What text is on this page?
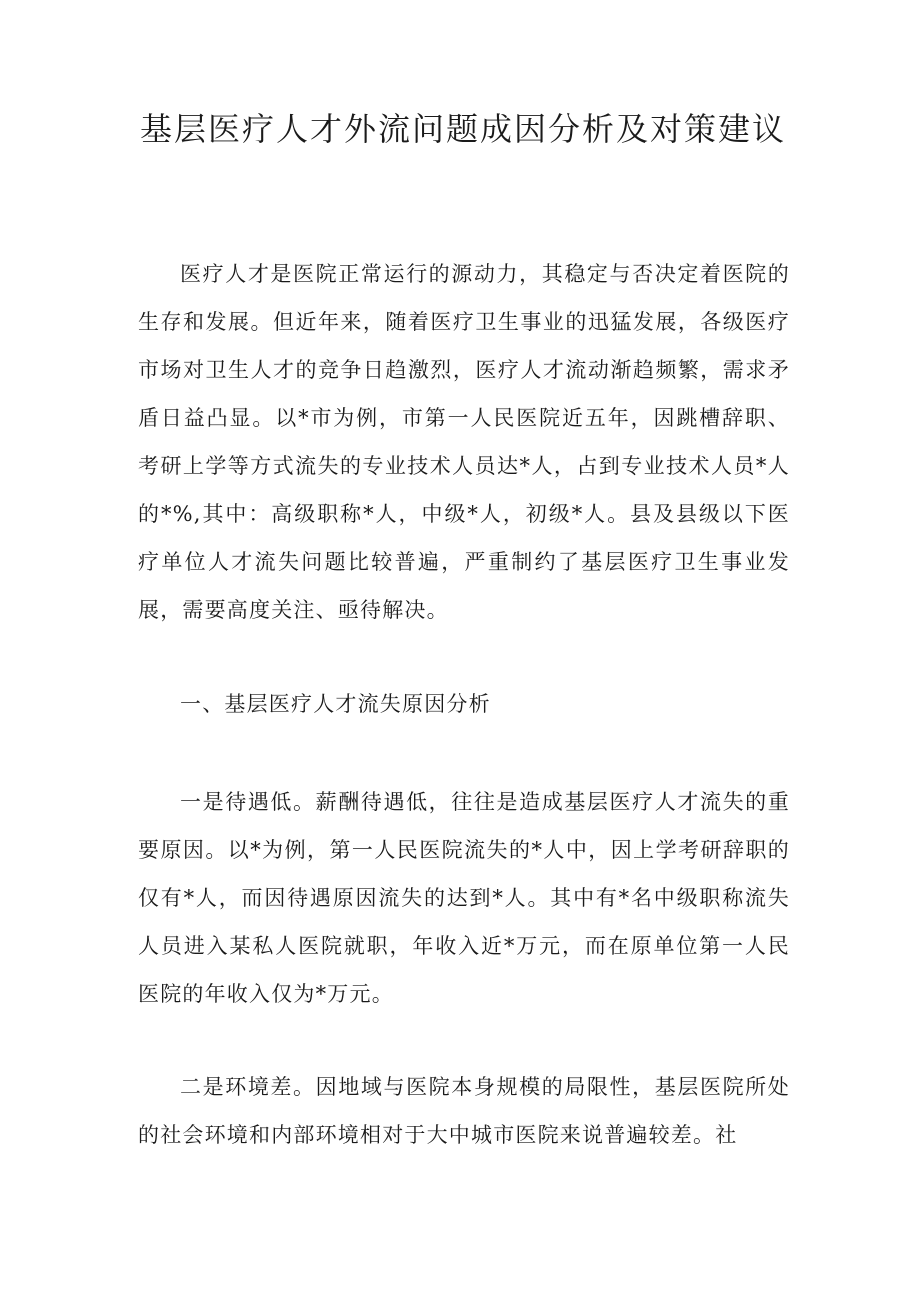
基层医疗人才外流问题成因分析及对策建议

医疗人才是医院正常运行的源动力，其稳定与否决定着医院的生存和发展。但近年来，随着医疗卫生事业的迅猛发展，各级医疗市场对卫生人才的竞争日趋激烈，医疗人才流动渐趋频繁，需求矛盾日益凸显。以*市为例，市第一人民医院近五年，因跳槽辞职、考研上学等方式流失的专业技术人员达*人，占到专业技术人员*人的*%,其中：高级职称*人，中级*人，初级*人。县及县级以下医疗单位人才流失问题比较普遍，严重制约了基层医疗卫生事业发展，需要高度关注、亟待解决。

一、基层医疗人才流失原因分析

一是待遇低。薪酬待遇低，往往是造成基层医疗人才流失的重要原因。以*为例，第一人民医院流失的*人中，因上学考研辞职的仅有*人，而因待遇原因流失的达到*人。其中有*名中级职称流失人员进入某私人医院就职，年收入近*万元，而在原单位第一人民医院的年收入仅为*万元。

二是环境差。因地域与医院本身规模的局限性，基层医院所处的社会环境和内部环境相对于大中城市医院来说普遍较差。社
